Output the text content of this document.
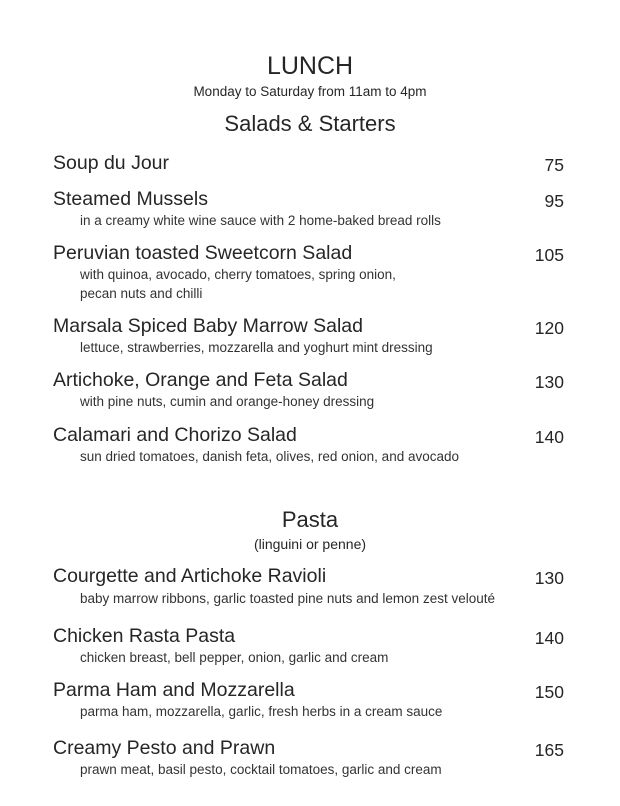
LUNCH
Monday to Saturday from 11am to 4pm
Salads & Starters
Soup du Jour	75
Steamed Mussels	95
in a creamy white wine sauce with 2 home-baked bread rolls
Peruvian toasted Sweetcorn Salad	105
with quinoa, avocado, cherry tomatoes, spring onion,
pecan nuts and chilli
Marsala Spiced Baby Marrow Salad	120
lettuce, strawberries, mozzarella and yoghurt mint dressing
Artichoke, Orange and Feta Salad	130
with pine nuts, cumin and orange-honey dressing
Calamari and Chorizo Salad	140
sun dried tomatoes, danish feta, olives, red onion, and avocado
Pasta
(linguini or penne)
Courgette and Artichoke Ravioli	130
baby marrow ribbons, garlic toasted pine nuts and lemon zest velouté
Chicken Rasta Pasta	140
chicken breast, bell pepper, onion, garlic and cream
Parma Ham and Mozzarella	150
parma ham, mozzarella, garlic, fresh herbs in a cream sauce
Creamy Pesto and Prawn	165
prawn meat, basil pesto, cocktail tomatoes, garlic and cream
